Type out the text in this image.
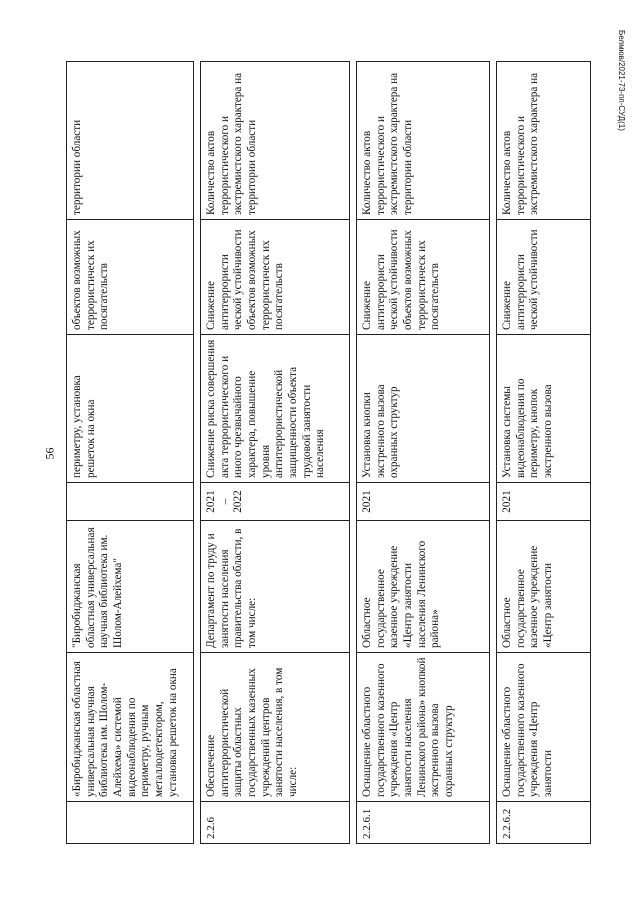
56
Белмюв/2021-73-пп-СУД(1)
	«Биробиджанская областная универсальная научная библиотека им. Шолом-Алейхема» системой видеонаблюдения по периметру, ручным металлодетектором, установка решеток на окна	"Биробиджанская областная универсальная научная библиотека им. Шолом-Алейхема"		периметру, установка решеток на окна	объектов возможных террористическ их посягательств	территории области

2.2.6	Обеспечение антитеррористической защиты областных государственных казенных учреждений центров занятости населения, в том числе:	Департамент по труду и занятости населения правительства области, в том числе:	2021 – 2022	Снижение риска совершения акта террористического и иного чрезвычайного характера, повышение уровня антитеррористической защищенности объекта трудовой занятости населения	Снижение антитеррористи ческой устойчивости объектов возможных террористическ их посягательств	Количество актов террористического и экстремистского характера на территории области

2.2.6.1	Оснащение областного государственного казенного учреждения «Центр занятости населения Ленинского района» кнопкой экстренного вызова охранных структур	Областное государственное казенное учреждение «Центр занятости населения Ленинского района»	2021	Установка кнопки экстренного вызова охранных структур	Снижение антитеррористи ческой устойчивости объектов возможных террористическ их посягательств	Количество актов террористического и экстремистского характера на территории области

2.2.6.2	Оснащение областного государственного казенного учреждения «Центр занятости	Областное государственное казенное учреждение «Центр занятости	2021	Установка системы видеонаблюдения по периметру, кнопок экстренного вызова	Снижение антитеррористи ческой устойчивости	Количество актов террористического и экстремистского характера на
